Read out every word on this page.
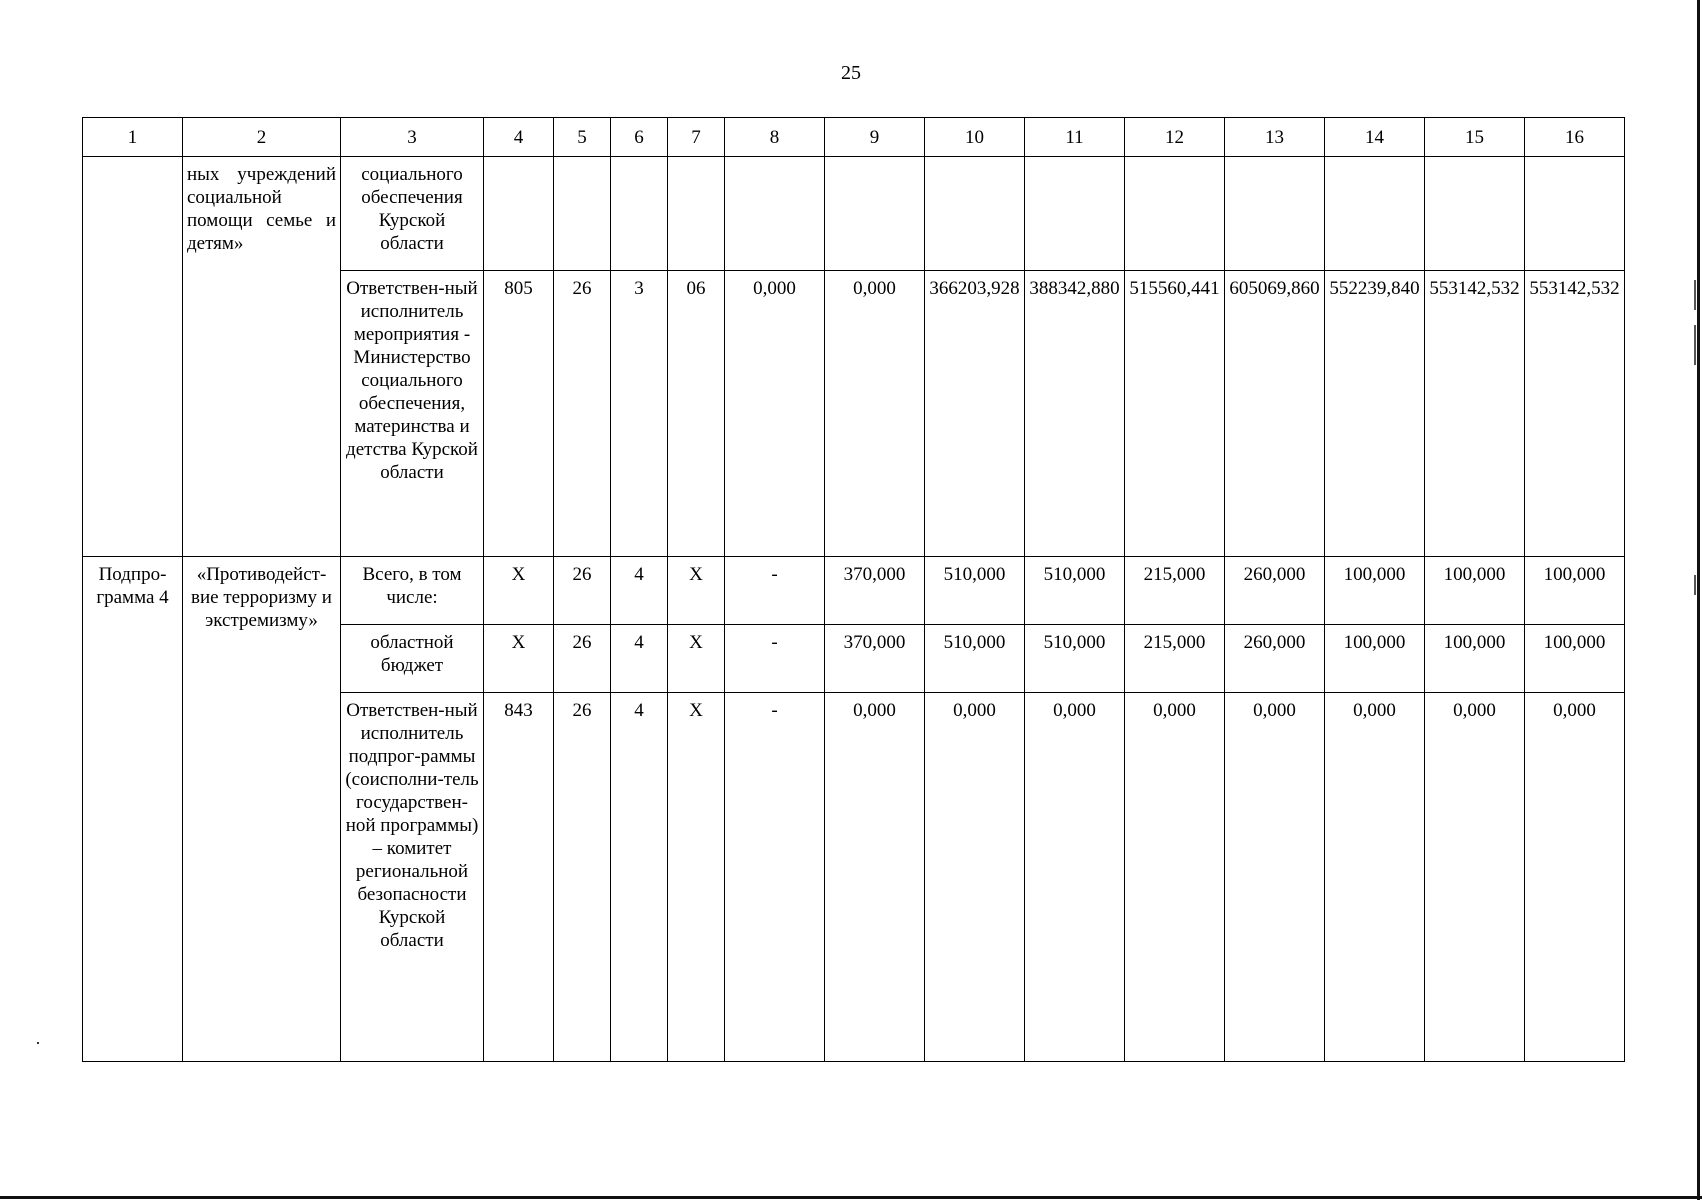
25
1	2	3	4	5	6	7	8	9	10	11	12	13	14	15	16
	ных учреждений социальной помощи семье и детям»	социального обеспечения Курской области													
		Ответствен-ный исполнитель мероприятия - Министерство социального обеспечения, материнства и детства Курской области	805	26	3	06	0,000	0,000	366203,928	388342,880	515560,441	605069,860	552239,840	553142,532	553142,532
Подпро-грамма 4	«Противодейст-вие терроризму и экстремизму»	Всего, в том числе:	Х	26	4	Х	-	370,000	510,000	510,000	215,000	260,000	100,000	100,000	100,000
		областной бюджет	Х	26	4	Х	-	370,000	510,000	510,000	215,000	260,000	100,000	100,000	100,000
		Ответствен-ный исполнитель подпрог-раммы (соисполни-тель государствен-ной программы) – комитет региональной безопасности Курской области	843	26	4	Х	-	0,000	0,000	0,000	0,000	0,000	0,000	0,000	0,000
